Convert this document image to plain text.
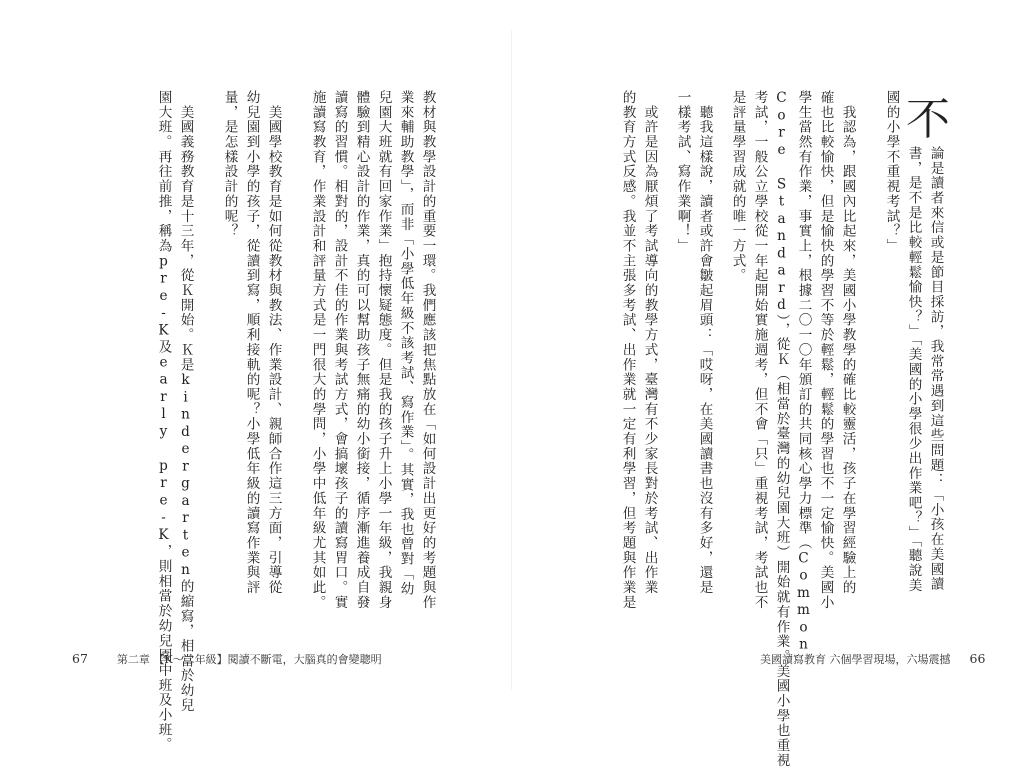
不
論是讀者來信或是節目採訪，我常常遇到這些問題：「小孩在美國讀
書，是不是比較輕鬆愉快？」「美國的小學很少出作業吧？」「聽說美
國的小學不重視考試？」
　我認為，跟國內比起來，美國小學教學的確比較靈活，孩子在學習經驗上的
確也比較愉快，但是愉快的學習不等於輕鬆，輕鬆的學習也不一定愉快。美國小
學生當然有作業，事實上，根據二〇一〇年頒訂的共同核心學力標準（Common
Core Standard），從Ｋ（相當於臺灣的幼兒園大班）開始就有作業。美國小學也重視
考試，一般公立學校從一年起開始實施週考，但不會「只」重視考試，考試也不
是評量學習成就的唯一方式。
　聽我這樣說，讀者或許會皺起眉頭：「哎呀，在美國讀書也沒有多好，還是
一樣考試、寫作業啊！」
　或許是因為厭煩了考試導向的教學方式，臺灣有不少家長對於考試、出作業
的教育方式反感。我並不主張多考試、出作業就一定有利學習，但考題與作業是
教材與教學設計的重要一環。我們應該把焦點放在「如何設計出更好的考題與作
業來輔助教學」，而非「小學低年級不該考試、寫作業」。其實，我也曾對「幼
兒園大班就有回家作業」抱持懷疑態度。但是我的孩子升上小學一年級，我親身
體驗到精心設計的作業，真的可以幫助孩子無痛的幼小銜接，循序漸進養成自發
讀寫的習慣。相對的，設計不佳的作業與考試方式，會搞壞孩子的讀寫胃口。實
施讀寫教育，作業設計和評量方式是一門很大的學問，小學中低年級尤其如此。
　美國學校教育是如何從教材與教法、作業設計、親師合作這三方面，引導從
幼兒園到小學的孩子，從讀到寫，順利接軌的呢？小學低年級的讀寫作業與評
量，是怎樣設計的呢？
　美國義務教育是十三年，從Ｋ開始。Ｋ是kindergarten的縮寫，相當於幼兒
園大班。再往前推，稱為pre-K及early pre-K，則相當於幼兒園中班及小班。
67	第二章 【K～二年級】閱讀不斷電，大腦真的會變聰明	美國讀寫教育 六個學習現場，六場震撼 66
